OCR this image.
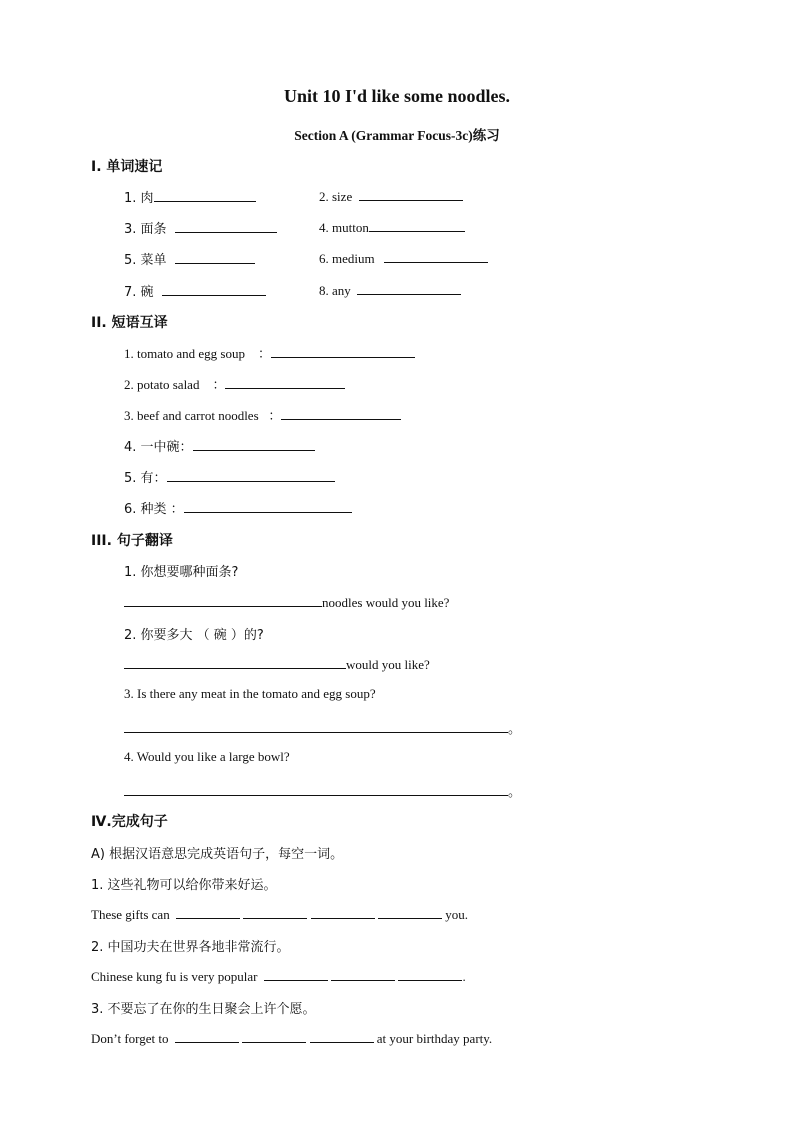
Unit 10 I'd like some noodles.
Section A (Grammar Focus-3c)练习
I. 单词速记
1. 肉	2. size
3. 面条	4. mutton
5. 菜单	6. medium
7. 碗	8. any
II. 短语互译
1. tomato and egg soup ：
2. potato salad ：
3. beef and carrot noodles ：
4. 一中碗：
5. 有：
6. 种类 ：
III. 句子翻译
1. 你想要哪种面条?
noodles would you like?
2. 你要多大 （ 碗 ）的?
would you like?
3. Is there any meat in the tomato and egg soup?
。
4. Would you like a large bowl?
。
Ⅳ.完成句子
A) 根据汉语意思完成英语句子，每空一词。
1. 这些礼物可以给你带来好运。
These gifts can	you.
2. 中国功夫在世界各地非常流行。
Chinese kung fu is very popular	.
3. 不要忘了在你的生日聚会上许个愿。
Don’t forget to	at your birthday party.
